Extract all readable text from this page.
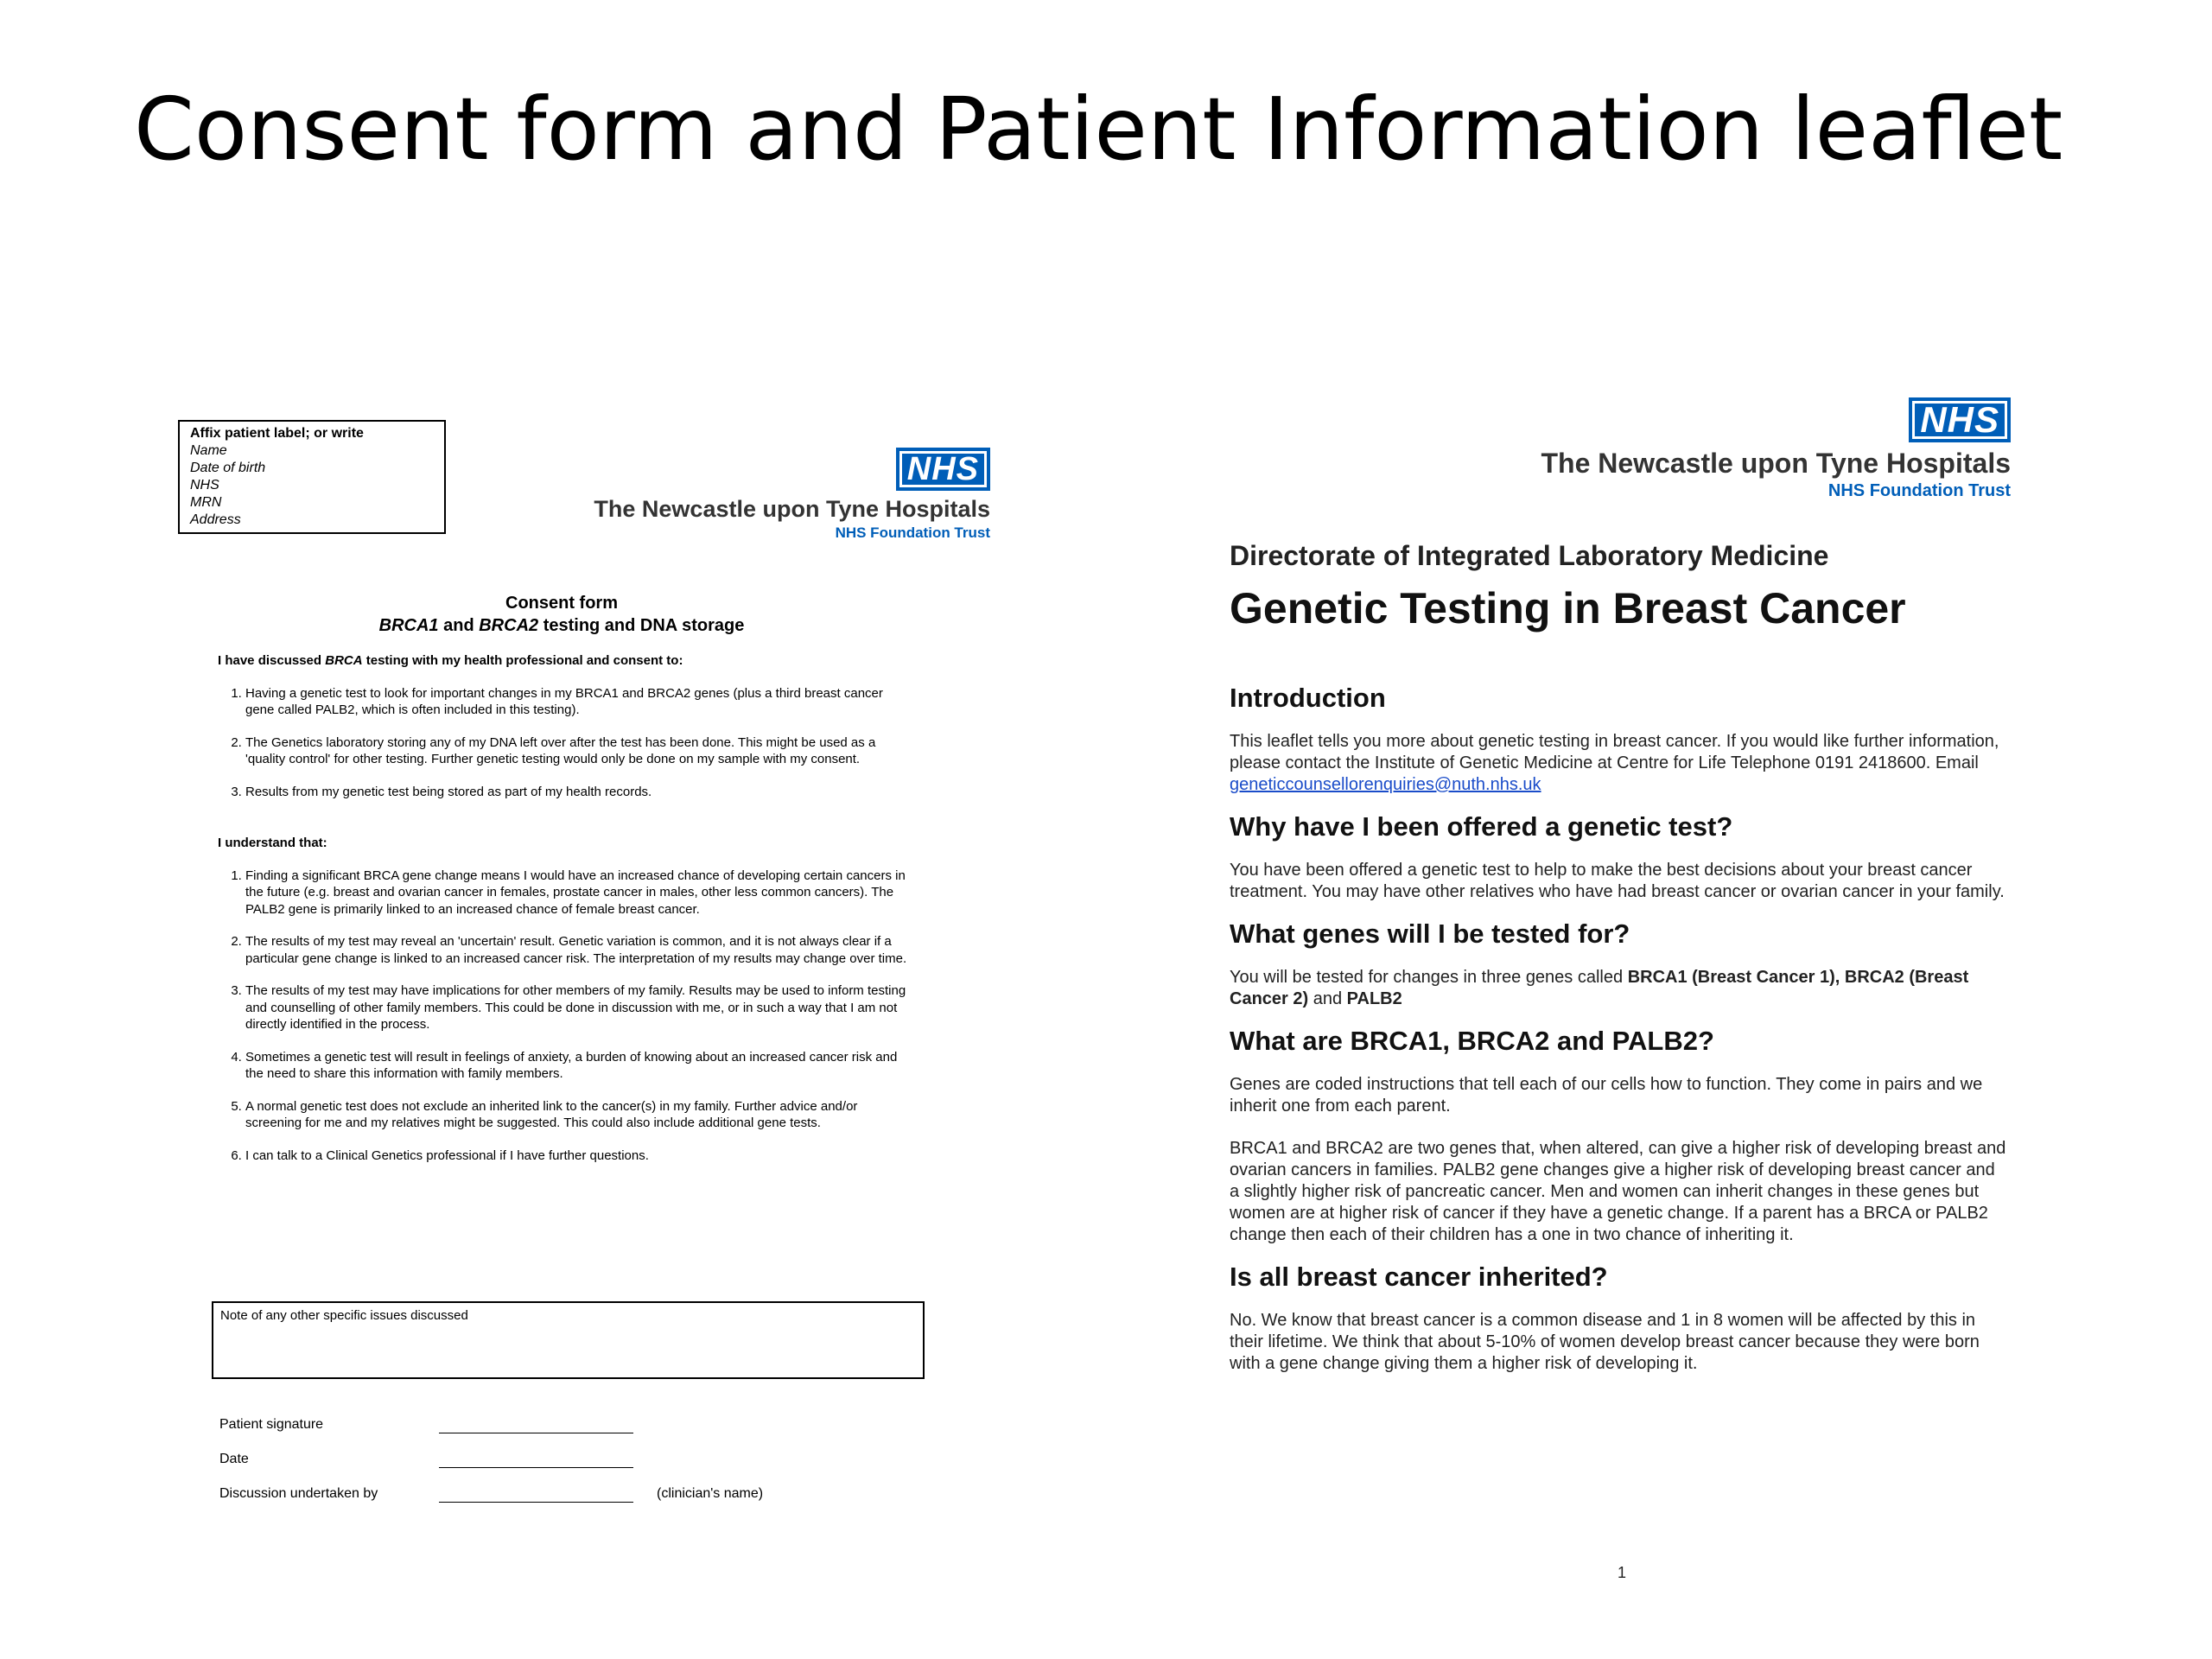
Consent form and Patient Information leaflet
Affix patient label; or write
Name
Date of birth
NHS
MRN
Address
NHS
The Newcastle upon Tyne Hospitals
NHS Foundation Trust
Consent form
BRCA1 and BRCA2 testing and DNA storage
I have discussed BRCA testing with my health professional and consent to:
1. Having a genetic test to look for important changes in my BRCA1 and BRCA2 genes (plus a third breast cancer gene called PALB2, which is often included in this testing).
2. The Genetics laboratory storing any of my DNA left over after the test has been done. This might be used as a 'quality control' for other testing. Further genetic testing would only be done on my sample with my consent.
3. Results from my genetic test being stored as part of my health records.
I understand that:
1. Finding a significant BRCA gene change means I would have an increased chance of developing certain cancers in the future (e.g. breast and ovarian cancer in females, prostate cancer in males, other less common cancers). The PALB2 gene is primarily linked to an increased chance of female breast cancer.
2. The results of my test may reveal an 'uncertain' result. Genetic variation is common, and it is not always clear if a particular gene change is linked to an increased cancer risk. The interpretation of my results may change over time.
3. The results of my test may have implications for other members of my family. Results may be used to inform testing and counselling of other family members. This could be done in discussion with me, or in such a way that I am not directly identified in the process.
4. Sometimes a genetic test will result in feelings of anxiety, a burden of knowing about an increased cancer risk and the need to share this information with family members.
5. A normal genetic test does not exclude an inherited link to the cancer(s) in my family. Further advice and/or screening for me and my relatives might be suggested. This could also include additional gene tests.
6. I can talk to a Clinical Genetics professional if I have further questions.
Note of any other specific issues discussed
Patient signature
Date
Discussion undertaken by	(clinician's name)
NHS
The Newcastle upon Tyne Hospitals
NHS Foundation Trust
Directorate of Integrated Laboratory Medicine
Genetic Testing in Breast Cancer
Introduction

This leaflet tells you more about genetic testing in breast cancer. If you would like further information, please contact the Institute of Genetic Medicine at Centre for Life Telephone 0191 2418600. Email geneticcounsellorenquiries@nuth.nhs.uk

Why have I been offered a genetic test?

You have been offered a genetic test to help to make the best decisions about your breast cancer treatment. You may have other relatives who have had breast cancer or ovarian cancer in your family.

What genes will I be tested for?

You will be tested for changes in three genes called BRCA1 (Breast Cancer 1), BRCA2 (Breast Cancer 2) and PALB2

What are BRCA1, BRCA2 and PALB2?

Genes are coded instructions that tell each of our cells how to function. They come in pairs and we inherit one from each parent.

BRCA1 and BRCA2 are two genes that, when altered, can give a higher risk of developing breast and ovarian cancers in families. PALB2 gene changes give a higher risk of developing breast cancer and a slightly higher risk of pancreatic cancer. Men and women can inherit changes in these genes but women are at higher risk of cancer if they have a genetic change. If a parent has a BRCA or PALB2 change then each of their children has a one in two chance of inheriting it.

Is all breast cancer inherited?

No. We know that breast cancer is a common disease and 1 in 8 women will be affected by this in their lifetime. We think that about 5-10% of women develop breast cancer because they were born with a gene change giving them a higher risk of developing it.

1
